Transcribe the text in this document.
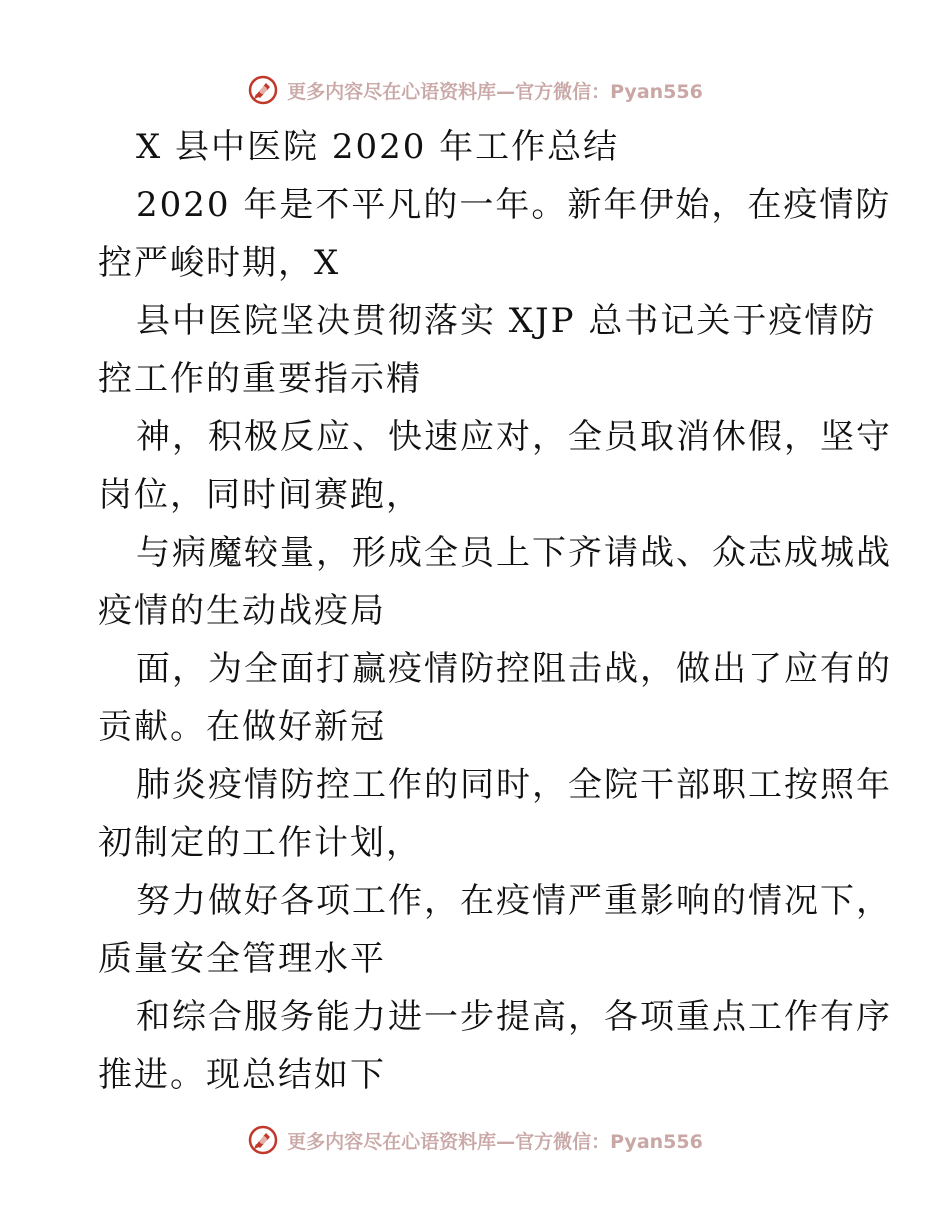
更多内容尽在心语资料库—官方微信：Pyan556
X 县中医院 2020 年工作总结
2020 年是不平凡的一年。新年伊始，在疫情防
控严峻时期，X
县中医院坚决贯彻落实 XJP 总书记关于疫情防
控工作的重要指示精
神，积极反应、快速应对，全员取消休假，坚守
岗位，同时间赛跑，
与病魔较量，形成全员上下齐请战、众志成城战
疫情的生动战疫局
面，为全面打赢疫情防控阻击战，做出了应有的
贡献。在做好新冠
肺炎疫情防控工作的同时，全院干部职工按照年
初制定的工作计划，
努力做好各项工作，在疫情严重影响的情况下，
质量安全管理水平
和综合服务能力进一步提高，各项重点工作有序
推进。现总结如下
更多内容尽在心语资料库—官方微信：Pyan556
